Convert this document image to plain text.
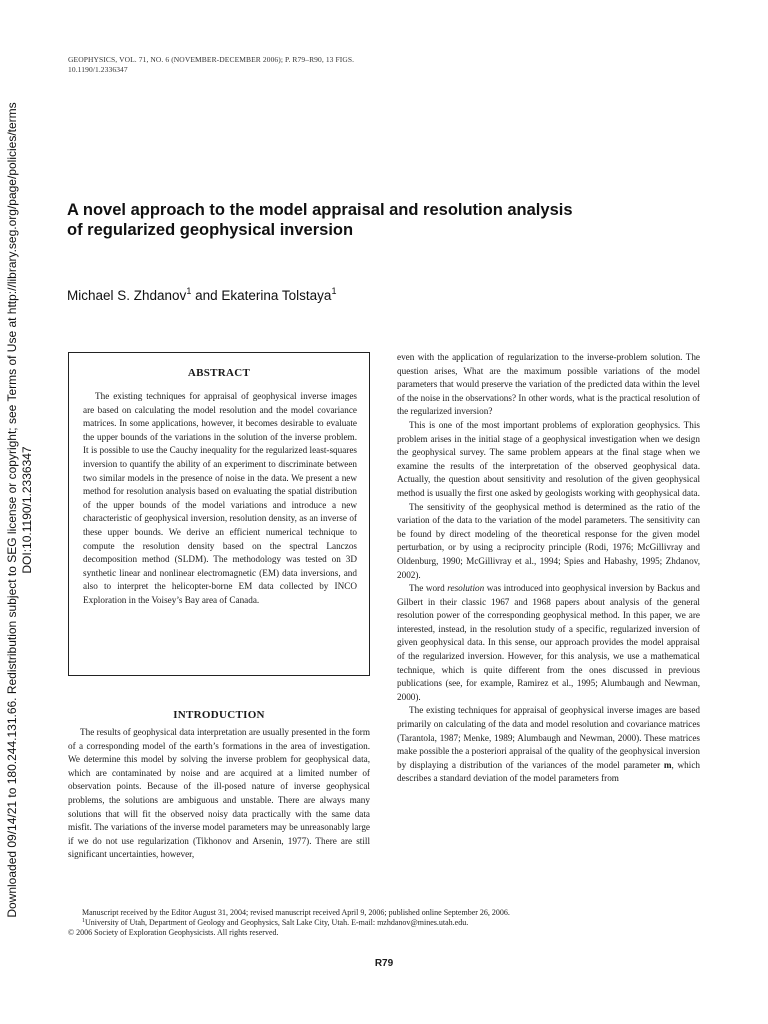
Downloaded 09/14/21 to 180.244.131.66. Redistribution subject to SEG license or copyright; see Terms of Use at http://library.seg.org/page/policies/terms DOI:10.1190/1.2336347
GEOPHYSICS, VOL. 71, NO. 6 (NOVEMBER-DECEMBER 2006); P. R79–R90, 13 FIGS.
10.1190/1.2336347
A novel approach to the model appraisal and resolution analysis
of regularized geophysical inversion
Michael S. Zhdanov$^1$ and Ekaterina Tolstaya$^1$
ABSTRACT

The existing techniques for appraisal of geophysical inverse images are based on calculating the model resolution and the model covariance matrices. In some applications, however, it becomes desirable to evaluate the upper bounds of the variations in the solution of the inverse problem. It is possible to use the Cauchy inequality for the regularized least-squares inversion to quantify the ability of an experiment to discriminate between two similar models in the presence of noise in the data. We present a new method for resolution analysis based on evaluating the spatial distribution of the upper bounds of the model variations and introduce a new characteristic of geophysical inversion, resolution density, as an inverse of these upper bounds. We derive an efficient numerical technique to compute the resolution density based on the spectral Lanczos decomposition method (SLDM). The methodology was tested on 3D synthetic linear and nonlinear electromagnetic (EM) data inversions, and also to interpret the helicopter-borne EM data collected by INCO Exploration in the Voisey’s Bay area of Canada.

INTRODUCTION

The results of geophysical data interpretation are usually presented in the form of a corresponding model of the earth’s formations in the area of investigation. We determine this model by solving the inverse problem for geophysical data, which are contaminated by noise and are acquired at a limited number of observation points. Because of the ill-posed nature of inverse geophysical problems, the solutions are ambiguous and unstable. There are always many solutions that will fit the observed noisy data practically with the same data misfit. The variations of the inverse model parameters may be unreasonably large if we do not use regularization (Tikhonov and Arsenin, 1977). There are still significant uncertainties, however,

even with the application of regularization to the inverse-problem solution. The question arises, What are the maximum possible variations of the model parameters that would preserve the variation of the predicted data within the level of the noise in the observations? In other words, what is the practical resolution of the regularized inversion?

This is one of the most important problems of exploration geophysics. This problem arises in the initial stage of a geophysical investigation when we design the geophysical survey. The same problem appears at the final stage when we examine the results of the interpretation of the observed geophysical data. Actually, the question about sensitivity and resolution of the given geophysical method is usually the first one asked by geologists working with geophysical data.

The sensitivity of the geophysical method is determined as the ratio of the variation of the data to the variation of the model parameters. The sensitivity can be found by direct modeling of the theoretical response for the given model perturbation, or by using a reciprocity principle (Rodi, 1976; McGillivray and Oldenburg, 1990; McGillivray et al., 1994; Spies and Habashy, 1995; Zhdanov, 2002).

The word resolution was introduced into geophysical inversion by Backus and Gilbert in their classic 1967 and 1968 papers about analysis of the general resolution power of the corresponding geophysical method. In this paper, we are interested, instead, in the resolution study of a specific, regularized inversion of given geophysical data. In this sense, our approach provides the model appraisal of the regularized inversion. However, for this analysis, we use a mathematical technique, which is quite different from the ones discussed in previous publications (see, for example, Ramirez et al., 1995; Alumbaugh and Newman, 2000).

The existing techniques for appraisal of geophysical inverse images are based primarily on calculating of the data and model resolution and covariance matrices (Tarantola, 1987; Menke, 1989; Alumbaugh and Newman, 2000). These matrices make possible the a posteriori appraisal of the quality of the geophysical inversion by displaying a distribution of the variances of the model parameter m, which describes a standard deviation of the model parameters from

Manuscript received by the Editor August 31, 2004; revised manuscript received April 9, 2006; published online September 26, 2006.
$^1$University of Utah, Department of Geology and Geophysics, Salt Lake City, Utah. E-mail: mzhdanov@mines.utah.edu.
© 2006 Society of Exploration Geophysicists. All rights reserved.
R79
